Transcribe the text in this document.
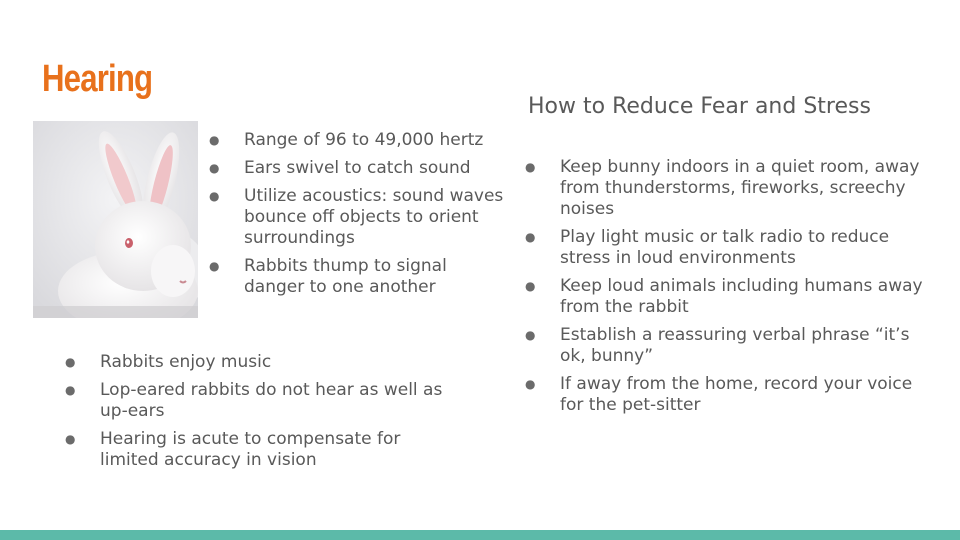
Hearing
● Range of 96 to 49,000 hertz
● Ears swivel to catch sound
● Utilize acoustics: sound waves bounce off objects to orient surroundings
● Rabbits thump to signal danger to one another
● Rabbits enjoy music
● Lop-eared rabbits do not hear as well as up-ears
● Hearing is acute to compensate for limited accuracy in vision
How to Reduce Fear and Stress
● Keep bunny indoors in a quiet room, away from thunderstorms, fireworks, screechy noises
● Play light music or talk radio to reduce stress in loud environments
● Keep loud animals including humans away from the rabbit
● Establish a reassuring verbal phrase “it’s ok, bunny”
● If away from the home, record your voice for the pet-sitter
